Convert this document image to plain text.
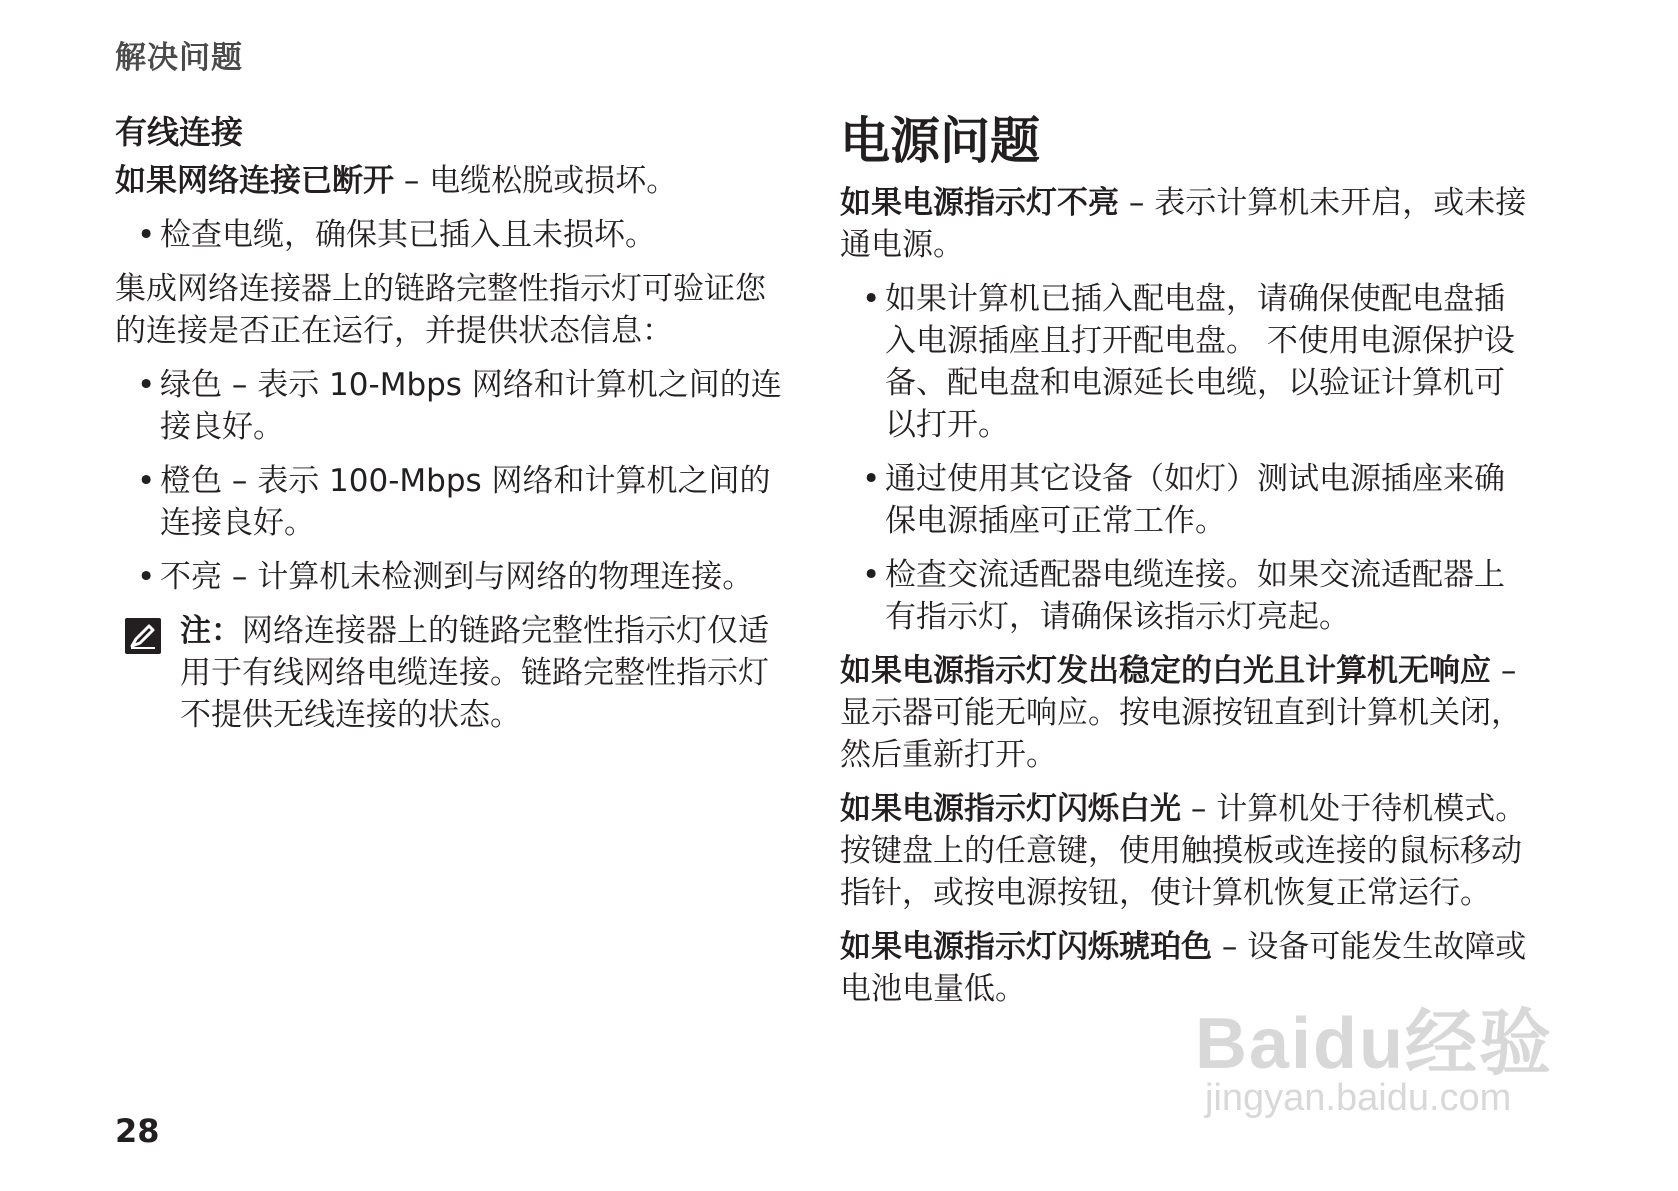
解决问题
有线连接
如果网络连接已断开 – 电缆松脱或损坏。
• 检查电缆，确保其已插入且未损坏。
集成网络连接器上的链路完整性指示灯可验证您的连接是否正在运行，并提供状态信息：
• 绿色 – 表示 10-Mbps 网络和计算机之间的连接良好。
• 橙色 – 表示 100-Mbps 网络和计算机之间的连接良好。
• 不亮 – 计算机未检测到与网络的物理连接。
注：网络连接器上的链路完整性指示灯仅适用于有线网络电缆连接。链路完整性指示灯不提供无线连接的状态。
电源问题
如果电源指示灯不亮 – 表示计算机未开启，或未接通电源。
• 如果计算机已插入配电盘，请确保使配电盘插入电源插座且打开配电盘。 不使用电源保护设备、配电盘和电源延长电缆，以验证计算机可以打开。
• 通过使用其它设备（如灯）测试电源插座来确保电源插座可正常工作。
• 检查交流适配器电缆连接。如果交流适配器上有指示灯，请确保该指示灯亮起。
如果电源指示灯发出稳定的白光且计算机无响应 – 显示器可能无响应。按电源按钮直到计算机关闭，然后重新打开。
如果电源指示灯闪烁白光 – 计算机处于待机模式。 按键盘上的任意键，使用触摸板或连接的鼠标移动指针，或按电源按钮，使计算机恢复正常运行。
如果电源指示灯闪烁琥珀色 – 设备可能发生故障或电池电量低。
28
Baidu经验
jingyan.baidu.com
